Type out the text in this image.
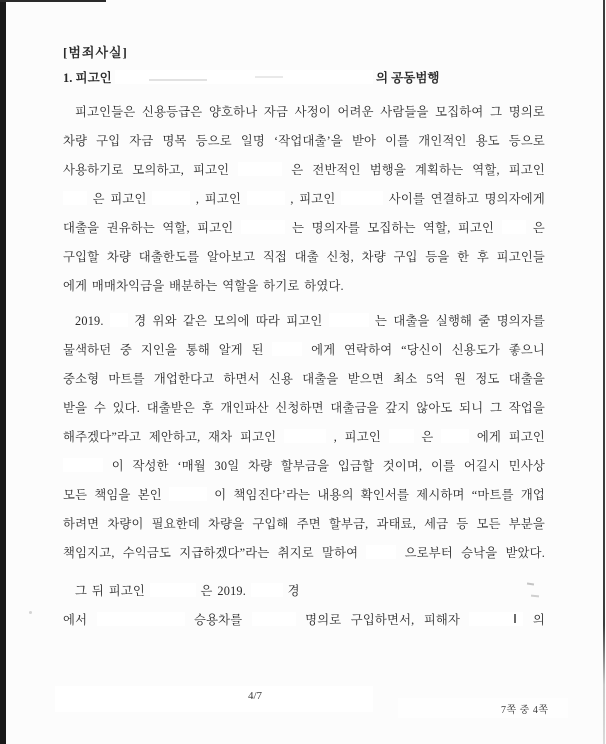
[범죄사실]
1. 피고인	의 공동범행
피고인들은 신용등급은 양호하나 자금 사정이 어려운 사람들을 모집하여 그 명의로
차량 구입 자금 명목 등으로 일명 ‘작업대출’을 받아 이를 개인적인 용도 등으로
사용하기로 모의하고, 피고인	은 전반적인 범행을 계획하는 역할, 피고인
은 피고인	, 피고인	, 피고인	사이를 연결하고 명의자에게
대출을 권유하는 역할, 피고인	는 명의자를 모집하는 역할, 피고인	은
구입할 차량 대출한도를 알아보고 직접 대출 신청, 차량 구입 등을 한 후 피고인들
에게 매매차익금을 배분하는 역할을 하기로 하였다.
2019. 경 위와 같은 모의에 따라 피고인	는 대출을 실행해 줄 명의자를
물색하던 중 지인을 통해 알게 된	에게 연락하여 “당신이 신용도가 좋으니
중소형 마트를 개업한다고 하면서 신용 대출을 받으면 최소 5억 원 정도 대출을
받을 수 있다. 대출받은 후 개인파산 신청하면 대출금을 갚지 않아도 되니 그 작업을
해주겠다”라고 제안하고, 재차 피고인	, 피고인	은	에게 피고인
이 작성한 ‘매월 30일 차량 할부금을 입금할 것이며, 이를 어길시 민사상
모든 책임을 본인	이 책임진다’라는 내용의 확인서를 제시하며 “마트를 개업
하려면 차량이 필요한데 차량을 구입해 주면 할부금, 과태료, 세금 등 모든 부분을
책임지고, 수익금도 지급하겠다”라는 취지로 말하여	으로부터 승낙을 받았다.
그 뒤 피고인	은 2019.	경
에서	승용차를	명의로 구입하면서, 피해자	의
4/7
7쪽 중 4쪽
